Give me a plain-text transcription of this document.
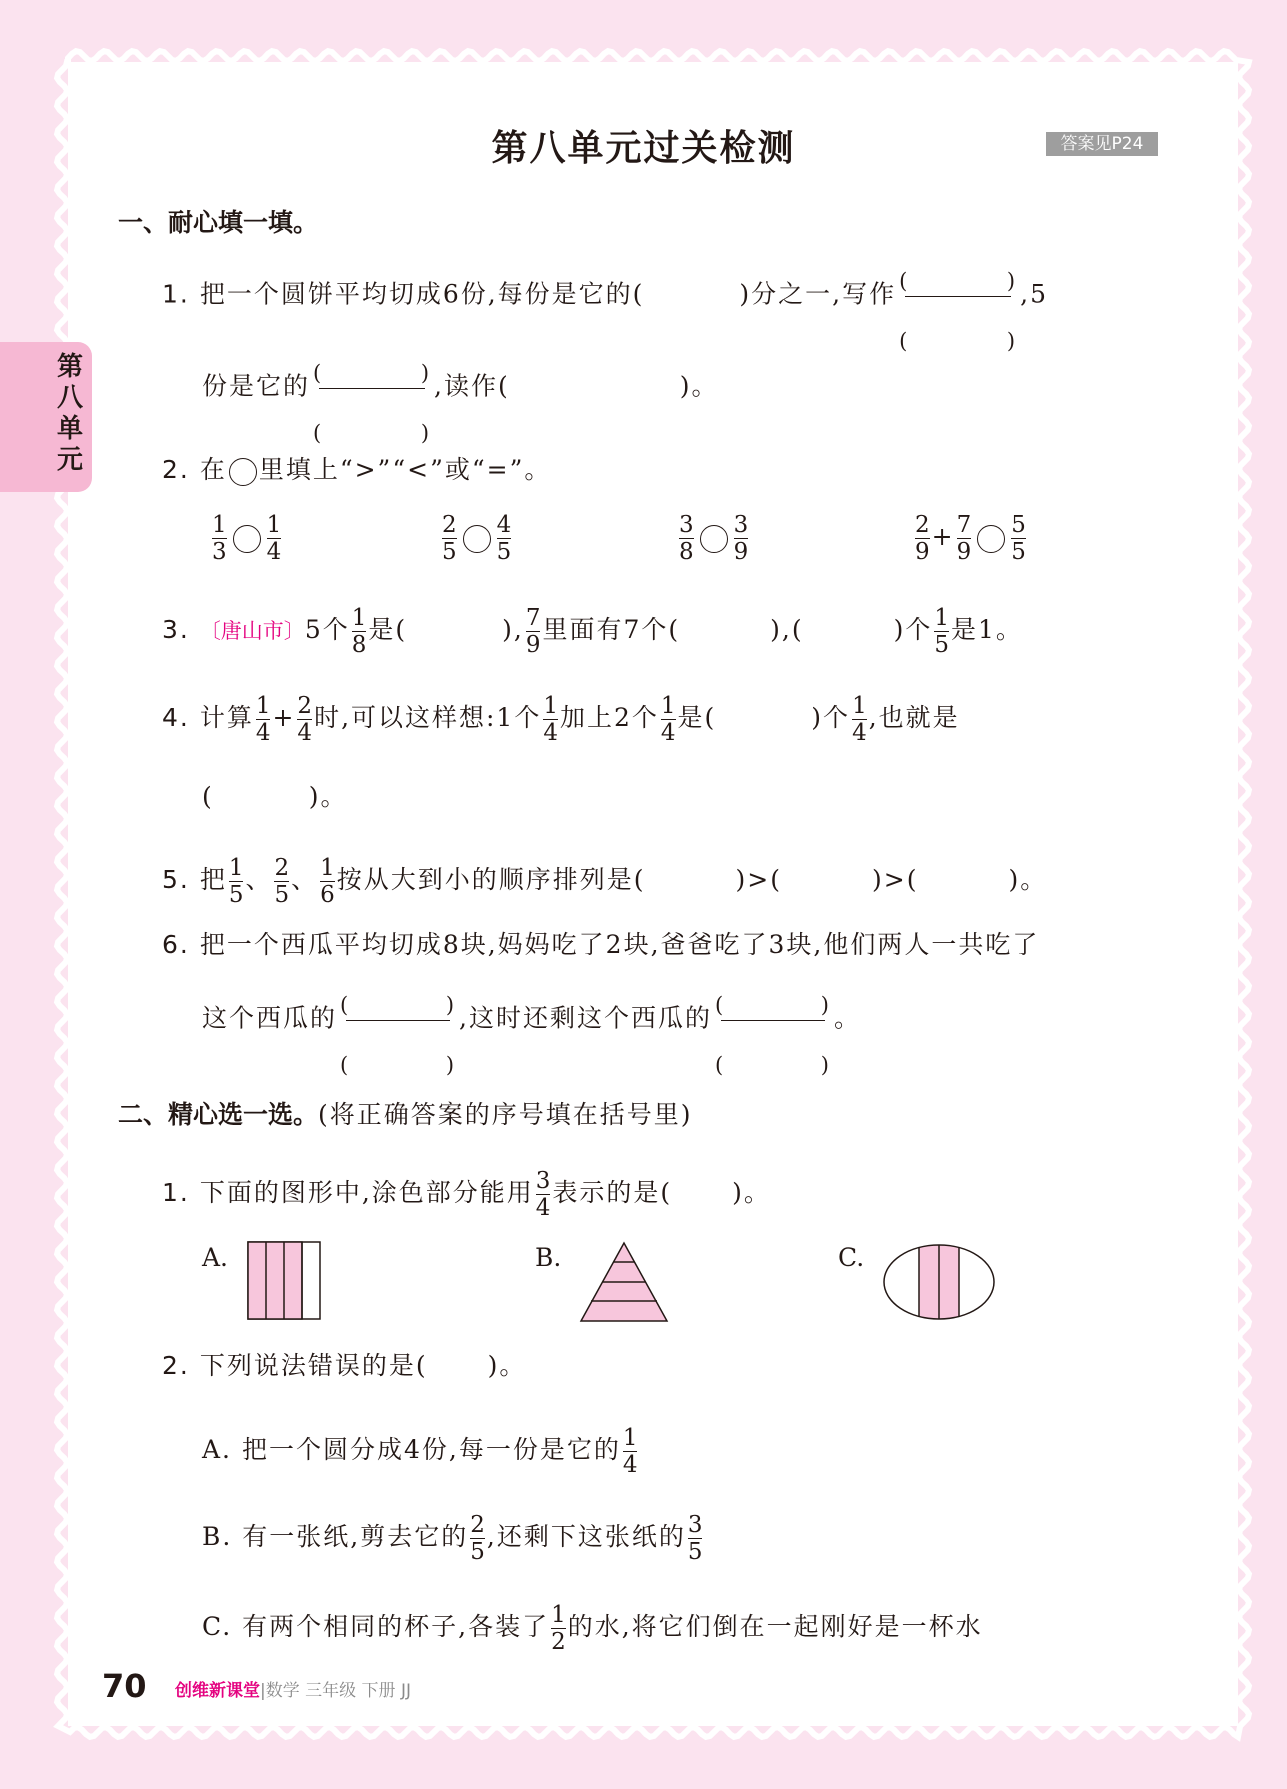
第八单元过关检测	答案见P24
第八单元
一、耐心填一填。
1. 把一个圆饼平均切成6份,每份是它的(	)分之一,写作 (	)
(	)
,5
份是它的 (	)
(	)
,读作(	)。
2. 在 里填上“>”“<”或“=”。
$\frac{1}{3} \frac{1}{4}$	$\frac{2}{5} \frac{4}{5}$	$\frac{3}{8} \frac{3}{9}$	$\frac{2}{9} + \frac{7}{9} \frac{5}{5}$
3. 〔唐山市〕5个 $\frac{1}{8}$ 是(	), $\frac{7}{9}$ 里面有7个(	),(	)个 $\frac{1}{5}$ 是1。
4. 计算 $\frac{1}{4} + \frac{2}{4}$ 时,可以这样想:1个 $\frac{1}{4}$ 加上2个 $\frac{1}{4}$ 是(	)个 $\frac{1}{4}$ ,也就是
(	)。
5. 把 $\frac{1}{5}$ 、 $\frac{2}{5}$ 、 $\frac{1}{6}$ 按从大到小的顺序排列是(	)>(	)>(	)。
6. 把一个西瓜平均切成8块,妈妈吃了2块,爸爸吃了3块,他们两人一共吃了
这个西瓜的 (	)
(	)
,这时还剩这个西瓜的 (	)
(	)
。
二、精心选一选。(将正确答案的序号填在括号里)
1. 下面的图形中,涂色部分能用 $\frac{3}{4}$ 表示的是( )。
A.	B.	C.
2. 下列说法错误的是( )。
A. 把一个圆分成4份,每一份是它的 $\frac{1}{4}$
B. 有一张纸,剪去它的 $\frac{2}{5}$ ,还剩下这张纸的 $\frac{3}{5}$
C. 有两个相同的杯子,各装了 $\frac{1}{2}$ 的水,将它们倒在一起刚好是一杯水
70 创维新课堂|数学 三年级 下册 JJ
